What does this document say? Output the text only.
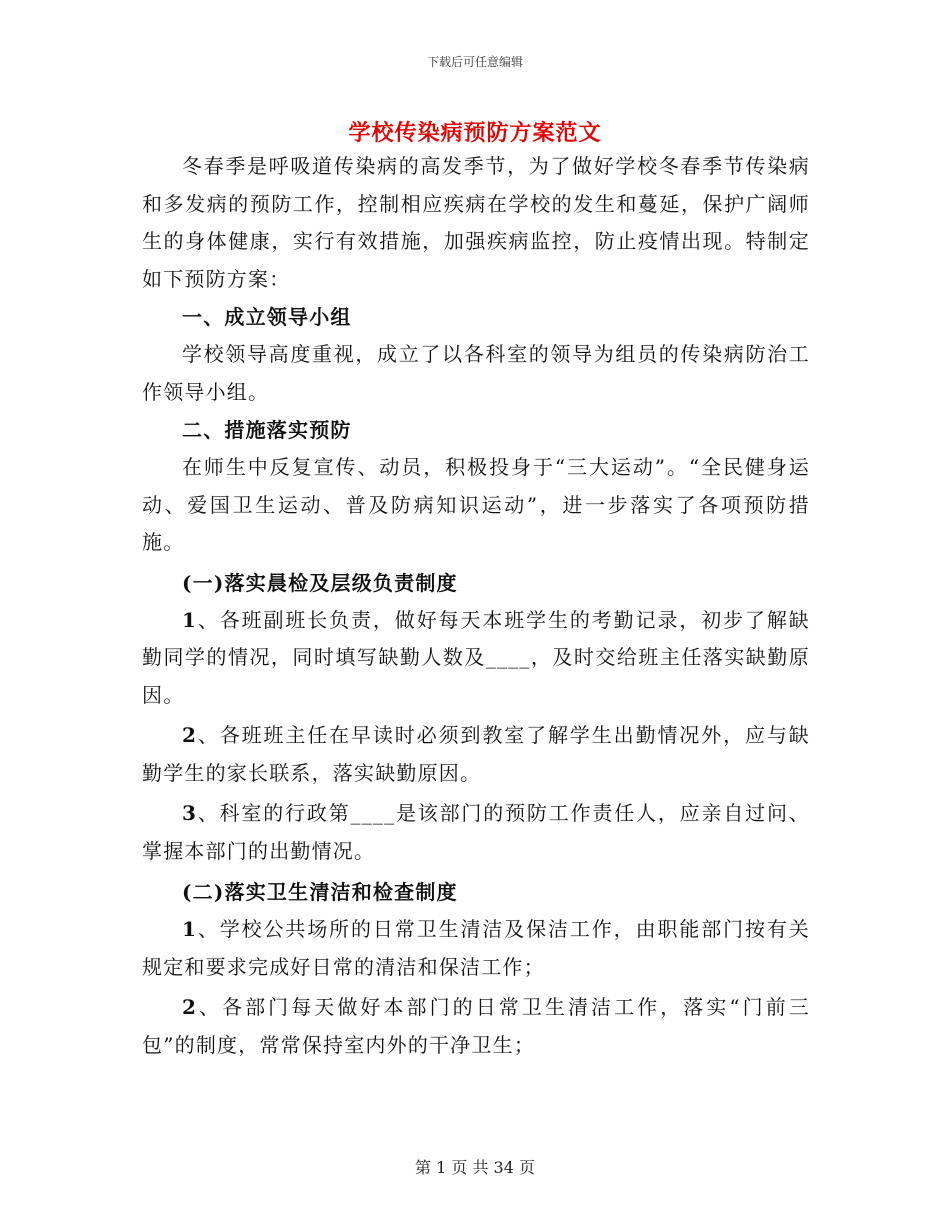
下载后可任意编辑
学校传染病预防方案范文

冬春季是呼吸道传染病的高发季节，为了做好学校冬春季节传染病和多发病的预防工作，控制相应疾病在学校的发生和蔓延，保护广阔师生的身体健康，实行有效措施，加强疾病监控，防止疫情出现。特制定如下预防方案：

一、成立领导小组

学校领导高度重视，成立了以各科室的领导为组员的传染病防治工作领导小组。

二、措施落实预防

在师生中反复宣传、动员，积极投身于“三大运动”。“全民健身运动、爱国卫生运动、普及防病知识运动”，进一步落实了各项预防措施。

(一)落实晨检及层级负责制度

1、各班副班长负责，做好每天本班学生的考勤记录，初步了解缺勤同学的情况，同时填写缺勤人数及____，及时交给班主任落实缺勤原因。

2、各班班主任在早读时必须到教室了解学生出勤情况外，应与缺勤学生的家长联系，落实缺勤原因。

3、科室的行政第____是该部门的预防工作责任人，应亲自过问、掌握本部门的出勤情况。

(二)落实卫生清洁和检查制度

1、学校公共场所的日常卫生清洁及保洁工作，由职能部门按有关规定和要求完成好日常的清洁和保洁工作；

2、各部门每天做好本部门的日常卫生清洁工作，落实“门前三包”的制度，常常保持室内外的干净卫生；

第 1 页 共 34 页
